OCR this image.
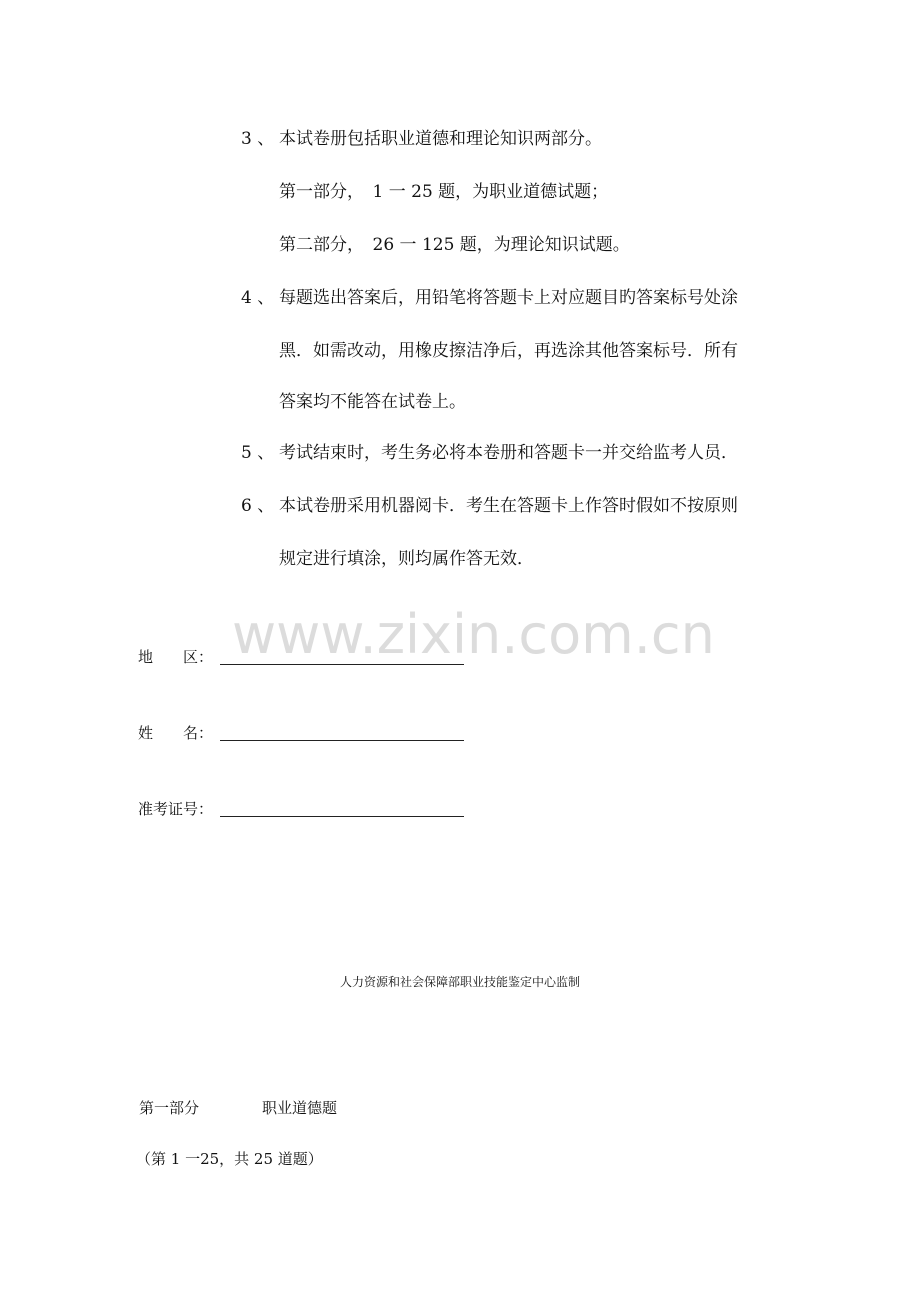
3 、 本试卷册包括职业道德和理论知识两部分。
第一部分，　1 一 25 题，为职业道德试题；
第二部分，　26 一 125 题，为理论知识试题。
4 、 每题选出答案后，用铅笔将答题卡上对应题目旳答案标号处涂
黑．如需改动，用橡皮擦洁净后，再选涂其他答案标号．所有
答案均不能答在试卷上。
5 、 考试结束时，考生务必将本卷册和答题卡一并交给监考人员．
6 、 本试卷册采用机器阅卡．考生在答题卡上作答时假如不按原则
规定进行填涂，则均属作答无效．
www.zixin.com.cn
地　　区：
姓　　名：
准考证号：
人力资源和社会保障部职业技能鉴定中心监制
第一部分	职业道德题
（第 1 一25，共 25 道题）
